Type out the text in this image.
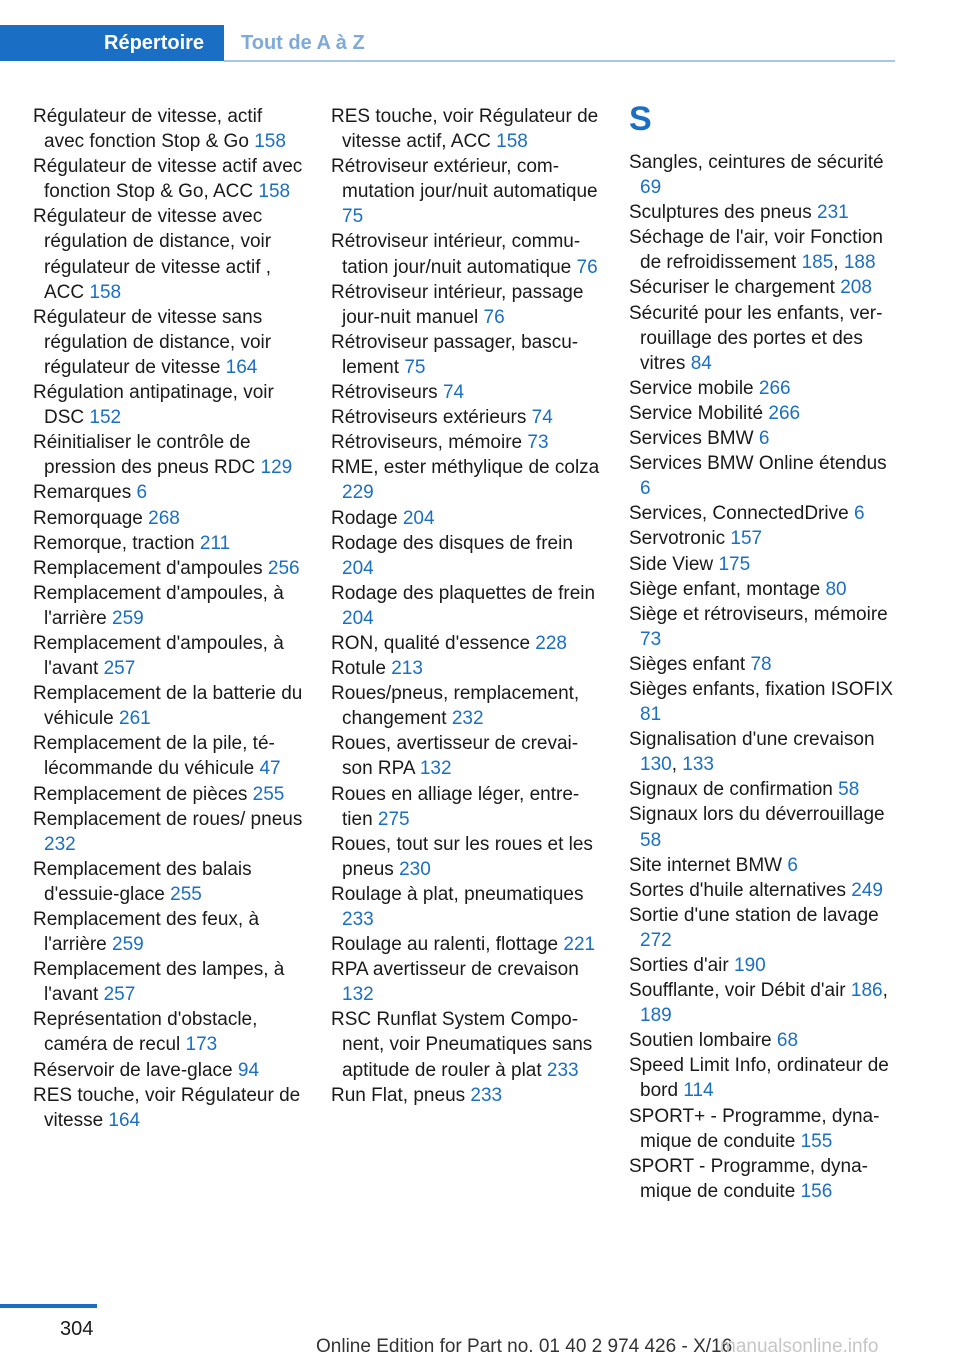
Répertoire	Tout de A à Z
Régulateur de vitesse, actif avec fonction Stop & Go 158
Régulateur de vitesse actif avec fonction Stop & Go, ACC 158
Régulateur de vitesse avec régulation de distance, voir régulateur de vitesse actif , ACC 158
Régulateur de vitesse sans régulation de distance, voir régulateur de vitesse 164
Régulation antipatinage, voir DSC 152
Réinitialiser le contrôle de pression des pneus RDC 129
Remarques 6
Remorquage 268
Remorque, traction 211
Remplacement d'ampoules 256
Remplacement d'ampoules, à l'arrière 259
Remplacement d'ampoules, à l'avant 257
Remplacement de la batterie du véhicule 261
Remplacement de la pile, télécommande du véhicule 47
Remplacement de pièces 255
Remplacement de roues/ pneus 232
Remplacement des balais d'essuie-glace 255
Remplacement des feux, à l'arrière 259
Remplacement des lampes, à l'avant 257
Représentation d'obstacle, caméra de recul 173
Réservoir de lave-glace 94
RES touche, voir Régulateur de vitesse 164
RES touche, voir Régulateur de vitesse actif, ACC 158
Rétroviseur extérieur, commutation jour/nuit automatique 75
Rétroviseur intérieur, commutation jour/nuit automatique 76
Rétroviseur intérieur, passage jour-nuit manuel 76
Rétroviseur passager, basculement 75
Rétroviseurs 74
Rétroviseurs extérieurs 74
Rétroviseurs, mémoire 73
RME, ester méthylique de colza 229
Rodage 204
Rodage des disques de frein 204
Rodage des plaquettes de frein 204
RON, qualité d'essence 228
Rotule 213
Roues/pneus, remplacement, changement 232
Roues, avertisseur de crevaison RPA 132
Roues en alliage léger, entretien 275
Roues, tout sur les roues et les pneus 230
Roulage à plat, pneumatiques 233
Roulage au ralenti, flottage 221
RPA avertisseur de crevaison 132
RSC Runflat System Component, voir Pneumatiques sans aptitude de rouler à plat 233
Run Flat, pneus 233
S
Sangles, ceintures de sécurité 69
Sculptures des pneus 231
Séchage de l'air, voir Fonction de refroidissement 185, 188
Sécuriser le chargement 208
Sécurité pour les enfants, verrouillage des portes et des vitres 84
Service mobile 266
Service Mobilité 266
Services BMW 6
Services BMW Online étendus 6
Services, ConnectedDrive 6
Servotronic 157
Side View 175
Siège enfant, montage 80
Siège et rétroviseurs, mémoire 73
Sièges enfant 78
Sièges enfants, fixation ISOFIX 81
Signalisation d'une crevaison 130, 133
Signaux de confirmation 58
Signaux lors du déverrouillage 58
Site internet BMW 6
Sortes d'huile alternatives 249
Sortie d'une station de lavage 272
Sorties d'air 190
Soufflante, voir Débit d'air 186, 189
Soutien lombaire 68
Speed Limit Info, ordinateur de bord 114
SPORT+ - Programme, dynamique de conduite 155
SPORT - Programme, dynamique de conduite 156
304
Online Edition for Part no. 01 40 2 974 426 - X/16
manualsonline.info
